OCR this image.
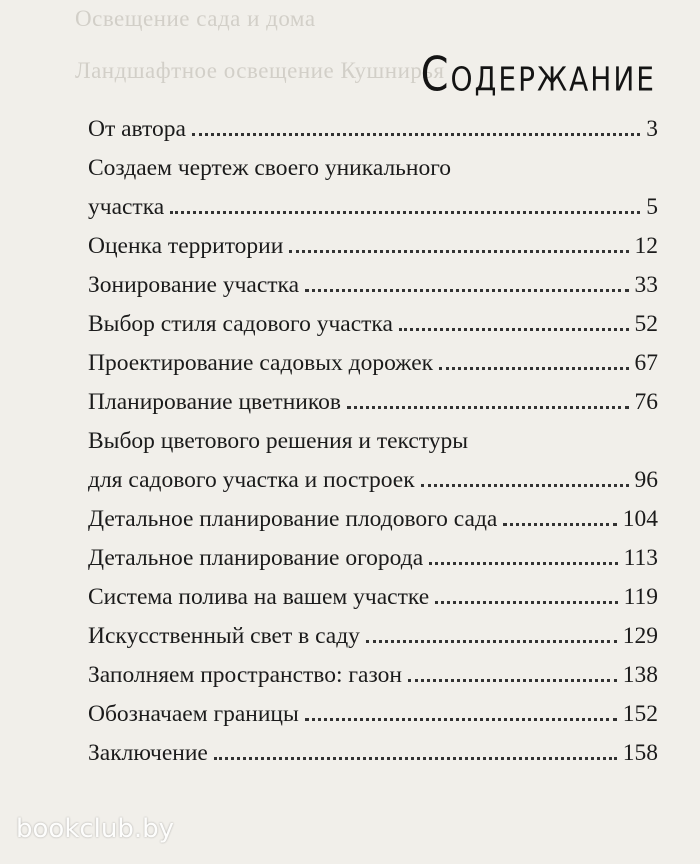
Освещение сада и дома
Ландшафтное освещение Кушнирья
Содержание
От автора	3
Создаем чертеж своего уникального
участка	5
Оценка территории	12
Зонирование участка	33
Выбор стиля садового участка	52
Проектирование садовых дорожек	67
Планирование цветников	76
Выбор цветового решения и текстуры
для садового участка и построек	96
Детальное планирование плодового сада	104
Детальное планирование огорода	113
Система полива на вашем участке	119
Искусственный свет в саду	129
Заполняем пространство: газон	138
Обозначаем границы	152
Заключение	158
bookclub.by
